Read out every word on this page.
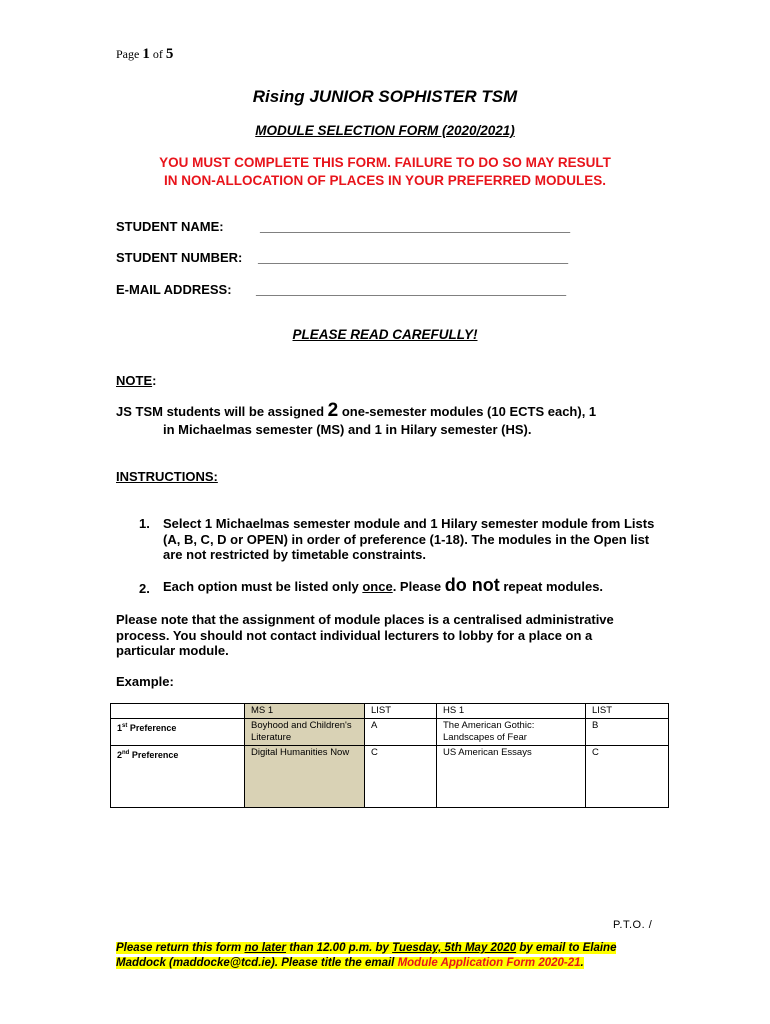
Page 1 of 5
Rising JUNIOR SOPHISTER TSM
MODULE SELECTION FORM (2020/2021)
YOU MUST COMPLETE THIS FORM. FAILURE TO DO SO MAY RESULT
IN NON-ALLOCATION OF PLACES IN YOUR PREFERRED MODULES.
STUDENT NAME:	______________________________________________
STUDENT NUMBER: ______________________________________________
E-MAIL ADDRESS: ______________________________________________
PLEASE READ CAREFULLY!
NOTE:
JS TSM students will be assigned 2 one-semester modules (10 ECTS each), 1
in Michaelmas semester (MS) and 1 in Hilary semester (HS).
INSTRUCTIONS:
1.	Select 1 Michaelmas semester module and 1 Hilary semester module from Lists (A, B, C, D or OPEN) in order of preference (1-18). The modules in the Open list are not restricted by timetable constraints.
2.	Each option must be listed only once. Please do not repeat modules.
Please note that the assignment of module places is a centralised administrative process. You should not contact individual lecturers to lobby for a place on a particular module.
Example:
	MS 1	LIST	HS 1	LIST
1st Preference	Boyhood and Children's Literature	A	The American Gothic: Landscapes of Fear	B
2nd Preference	Digital Humanities Now	C	US American Essays	C
P.T.O. /
Please return this form no later than 12.00 p.m. by Tuesday, 5th May 2020 by email to Elaine Maddock (maddocke@tcd.ie). Please title the email Module Application Form 2020-21.
